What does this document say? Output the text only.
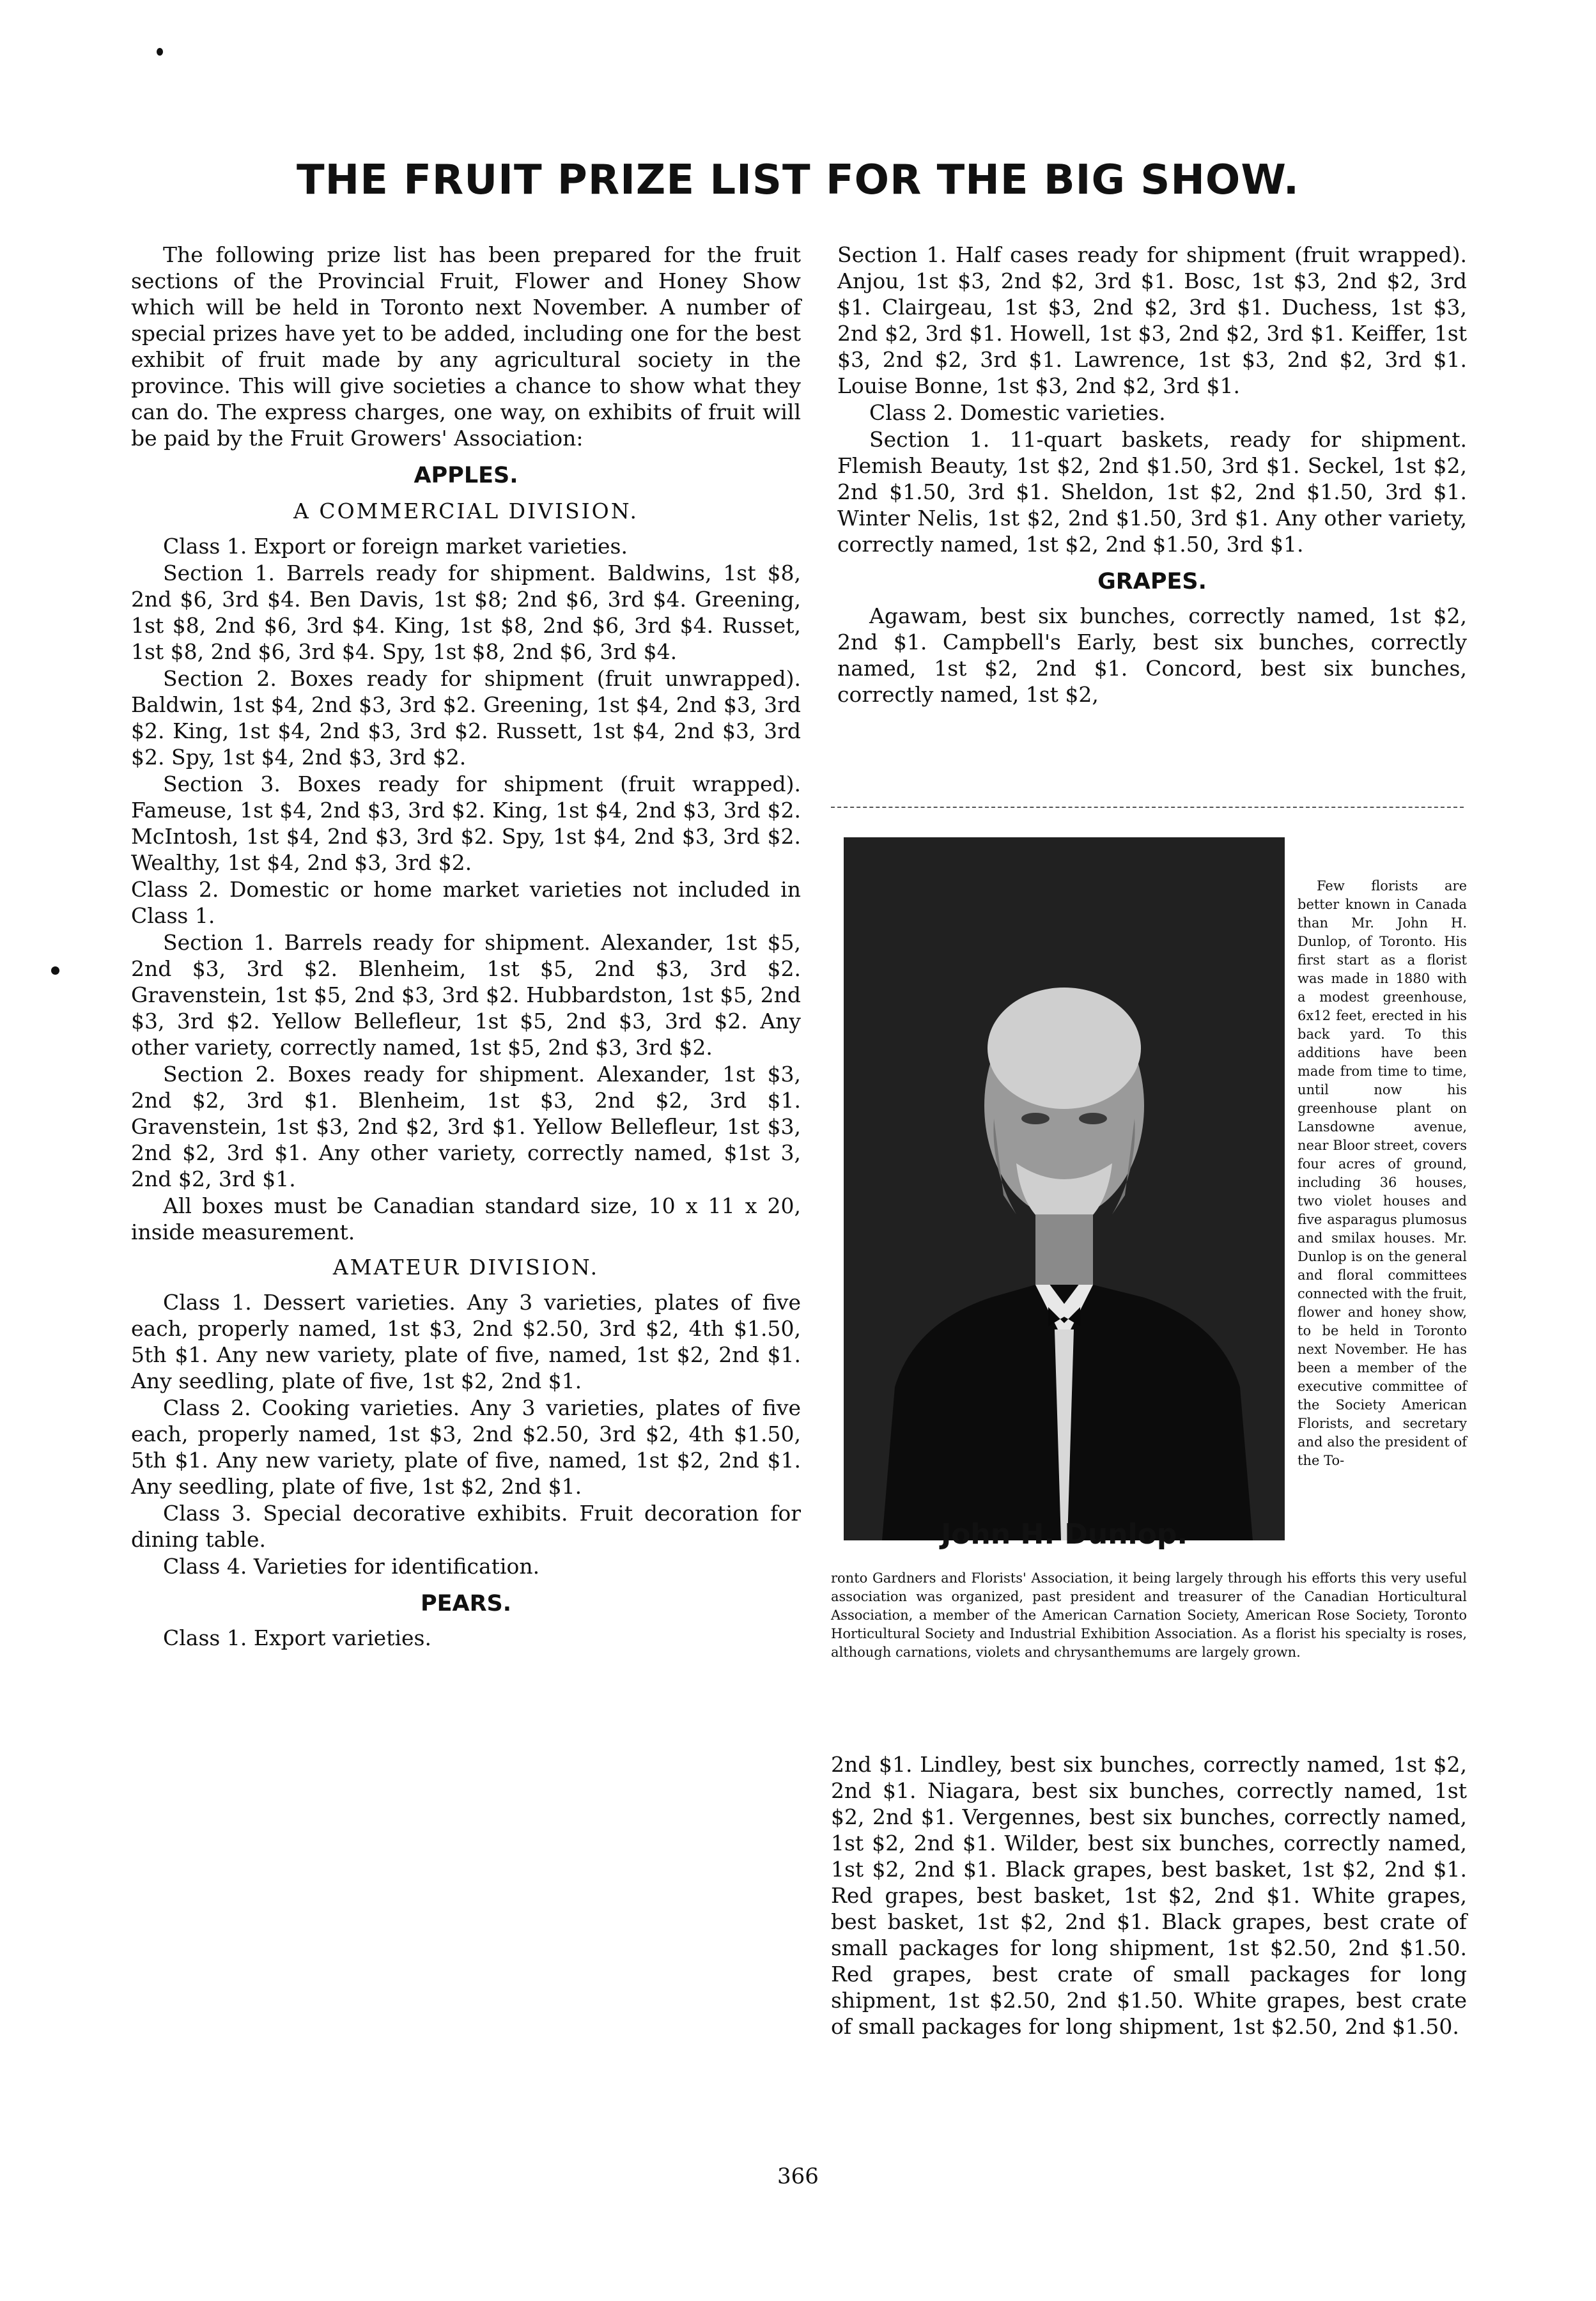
THE FRUIT PRIZE LIST FOR THE BIG SHOW.

The following prize list has been prepared for the fruit sections of the Provincial Fruit, Flower and Honey Show which will be held in Toronto next November. A number of special prizes have yet to be added, including one for the best exhibit of fruit made by any agricultural society in the province. This will give societies a chance to show what they can do. The express charges, one way, on exhibits of fruit will be paid by the Fruit Growers' Association:

APPLES.
A COMMERCIAL DIVISION.

Class 1. Export or foreign market varieties.

Section 1. Barrels ready for shipment. Baldwins, 1st $8, 2nd $6, 3rd $4. Ben Davis, 1st $8; 2nd $6, 3rd $4. Greening, 1st $8, 2nd $6, 3rd $4. King, 1st $8, 2nd $6, 3rd $4. Russet, 1st $8, 2nd $6, 3rd $4. Spy, 1st $8, 2nd $6, 3rd $4.

Section 2. Boxes ready for shipment (fruit unwrapped). Baldwin, 1st $4, 2nd $3, 3rd $2. Greening, 1st $4, 2nd $3, 3rd $2. King, 1st $4, 2nd $3, 3rd $2. Russett, 1st $4, 2nd $3, 3rd $2. Spy, 1st $4, 2nd $3, 3rd $2.

Section 3. Boxes ready for shipment (fruit wrapped). Fameuse, 1st $4, 2nd $3, 3rd $2. King, 1st $4, 2nd $3, 3rd $2. McIntosh, 1st $4, 2nd $3, 3rd $2. Spy, 1st $4, 2nd $3, 3rd $2. Wealthy, 1st $4, 2nd $3, 3rd $2.

Class 2. Domestic or home market varieties not included in Class 1.

Section 1. Barrels ready for shipment. Alexander, 1st $5, 2nd $3, 3rd $2. Blenheim, 1st $5, 2nd $3, 3rd $2. Gravenstein, 1st $5, 2nd $3, 3rd $2. Hubbardston, 1st $5, 2nd $3, 3rd $2. Yellow Bellefleur, 1st $5, 2nd $3, 3rd $2. Any other variety, correctly named, 1st $5, 2nd $3, 3rd $2.

Section 2. Boxes ready for shipment. Alexander, 1st $3, 2nd $2, 3rd $1. Blenheim, 1st $3, 2nd $2, 3rd $1. Gravenstein, 1st $3, 2nd $2, 3rd $1. Yellow Bellefleur, 1st $3, 2nd $2, 3rd $1. Any other variety, correctly named, $1st 3, 2nd $2, 3rd $1.

All boxes must be Canadian standard size, 10 x 11 x 20, inside measurement.

AMATEUR DIVISION.

Class 1. Dessert varieties. Any 3 varieties, plates of five each, properly named, 1st $3, 2nd $2.50, 3rd $2, 4th $1.50, 5th $1. Any new variety, plate of five, named, 1st $2, 2nd $1. Any seedling, plate of five, 1st $2, 2nd $1.

Class 2. Cooking varieties. Any 3 varieties, plates of five each, properly named, 1st $3, 2nd $2.50, 3rd $2, 4th $1.50, 5th $1. Any new variety, plate of five, named, 1st $2, 2nd $1. Any seedling, plate of five, 1st $2, 2nd $1.

Class 3. Special decorative exhibits. Fruit decoration for dining table.

Class 4. Varieties for identification.

PEARS.

Class 1. Export varieties.

Section 1. Half cases ready for shipment (fruit wrapped). Anjou, 1st $3, 2nd $2, 3rd $1. Bosc, 1st $3, 2nd $2, 3rd $1. Clairgeau, 1st $3, 2nd $2, 3rd $1. Duchess, 1st $3, 2nd $2, 3rd $1. Howell, 1st $3, 2nd $2, 3rd $1. Keiffer, 1st $3, 2nd $2, 3rd $1. Lawrence, 1st $3, 2nd $2, 3rd $1. Louise Bonne, 1st $3, 2nd $2, 3rd $1.

Class 2. Domestic varieties.

Section 1. 11-quart baskets, ready for shipment. Flemish Beauty, 1st $2, 2nd $1.50, 3rd $1. Seckel, 1st $2, 2nd $1.50, 3rd $1. Sheldon, 1st $2, 2nd $1.50, 3rd $1. Winter Nelis, 1st $2, 2nd $1.50, 3rd $1. Any other variety, correctly named, 1st $2, 2nd $1.50, 3rd $1.

GRAPES.

Agawam, best six bunches, correctly named, 1st $2, 2nd $1. Campbell's Early, best six bunches, correctly named, 1st $2, 2nd $1. Concord, best six bunches, correctly named, 1st $2,

John H. Dunlop.

Few florists are better known in Canada than Mr. John H. Dunlop, of Toronto. His first start as a florist was made in 1880 with a modest greenhouse, 6x12 feet, erected in his back yard. To this additions have been made from time to time, until now his greenhouse plant on Lansdowne avenue, near Bloor street, covers four acres of ground, including 36 houses, two violet houses and five asparagus plumosus and smilax houses. Mr. Dunlop is on the general and floral committees connected with the fruit, flower and honey show, to be held in Toronto next November. He has been a member of the executive committee of the Society American Florists, and secretary and also the president of the To-

ronto Gardners and Florists' Association, it being largely through his efforts this very useful association was organized, past president and treasurer of the Canadian Horticultural Association, a member of the American Carnation Society, American Rose Society, Toronto Horticultural Society and Industrial Exhibition Association. As a florist his specialty is roses, although carnations, violets and chrysanthemums are largely grown.

2nd $1. Lindley, best six bunches, correctly named, 1st $2, 2nd $1. Niagara, best six bunches, correctly named, 1st $2, 2nd $1. Vergennes, best six bunches, correctly named, 1st $2, 2nd $1. Wilder, best six bunches, correctly named, 1st $2, 2nd $1. Black grapes, best basket, 1st $2, 2nd $1. Red grapes, best basket, 1st $2, 2nd $1. White grapes, best basket, 1st $2, 2nd $1. Black grapes, best crate of small packages for long shipment, 1st $2.50, 2nd $1.50. Red grapes, best crate of small packages for long shipment, 1st $2.50, 2nd $1.50. White grapes, best crate of small packages for long shipment, 1st $2.50, 2nd $1.50.

366
